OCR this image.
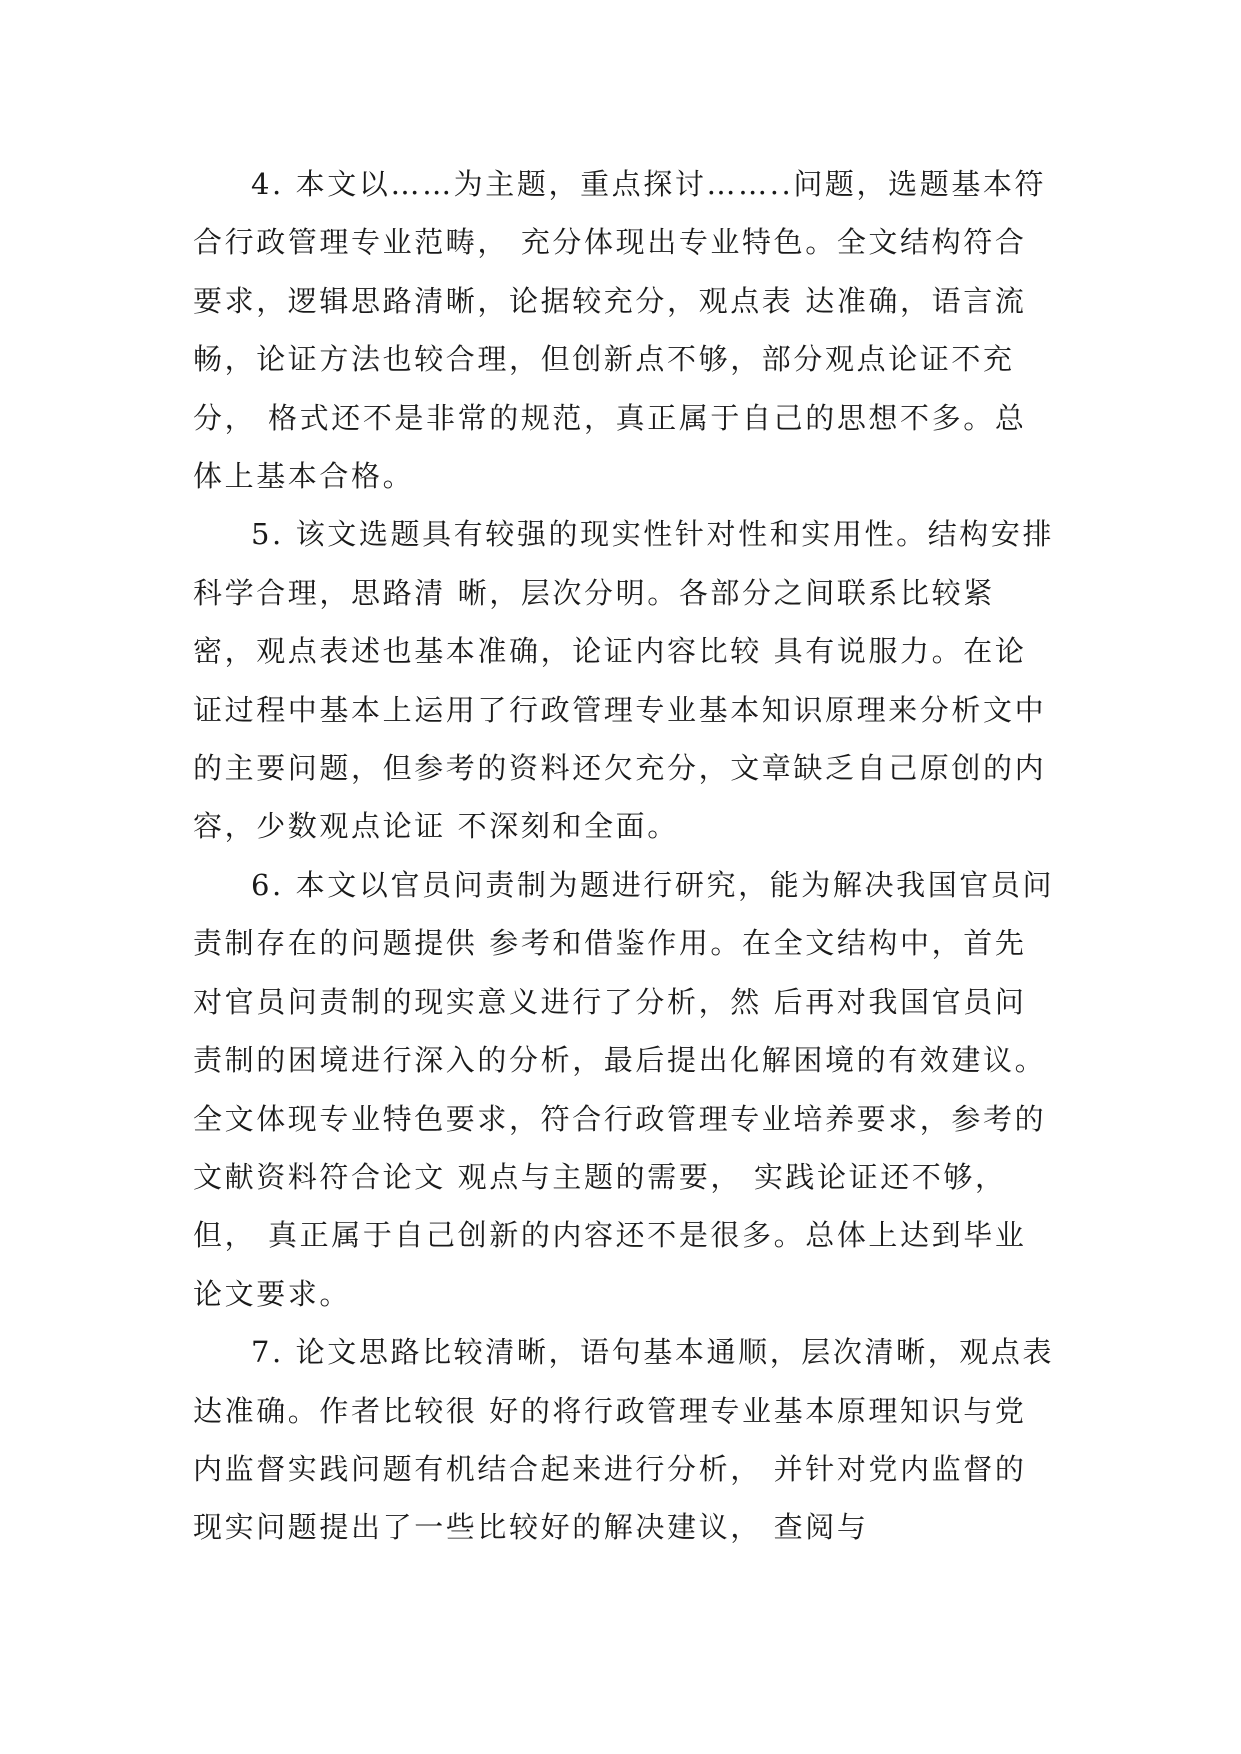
4. 本文以……为主题，重点探讨……..问题，选题基本符合行政管理专业范畴， 充分体现出专业特色。全文结构符合要求，逻辑思路清晰，论据较充分，观点表 达准确，语言流畅，论证方法也较合理，但创新点不够，部分观点论证不充分， 格式还不是非常的规范，真正属于自己的思想不多。总体上基本合格。

5. 该文选题具有较强的现实性针对性和实用性。结构安排科学合理，思路清 晰，层次分明。各部分之间联系比较紧密，观点表述也基本准确，论证内容比较 具有说服力。在论证过程中基本上运用了行政管理专业基本知识原理来分析文中 的主要问题，但参考的资料还欠充分，文章缺乏自己原创的内容，少数观点论证 不深刻和全面。

6. 本文以官员问责制为题进行研究，能为解决我国官员问责制存在的问题提供 参考和借鉴作用。在全文结构中，首先对官员问责制的现实意义进行了分析，然 后再对我国官员问责制的困境进行深入的分析，最后提出化解困境的有效建议。 全文体现专业特色要求，符合行政管理专业培养要求，参考的文献资料符合论文 观点与主题的需要， 实践论证还不够， 但， 真正属于自己创新的内容还不是很多。总体上达到毕业论文要求。

7. 论文思路比较清晰，语句基本通顺，层次清晰，观点表达准确。作者比较很 好的将行政管理专业基本原理知识与党内监督实践问题有机结合起来进行分析， 并针对党内监督的现实问题提出了一些比较好的解决建议， 查阅与
